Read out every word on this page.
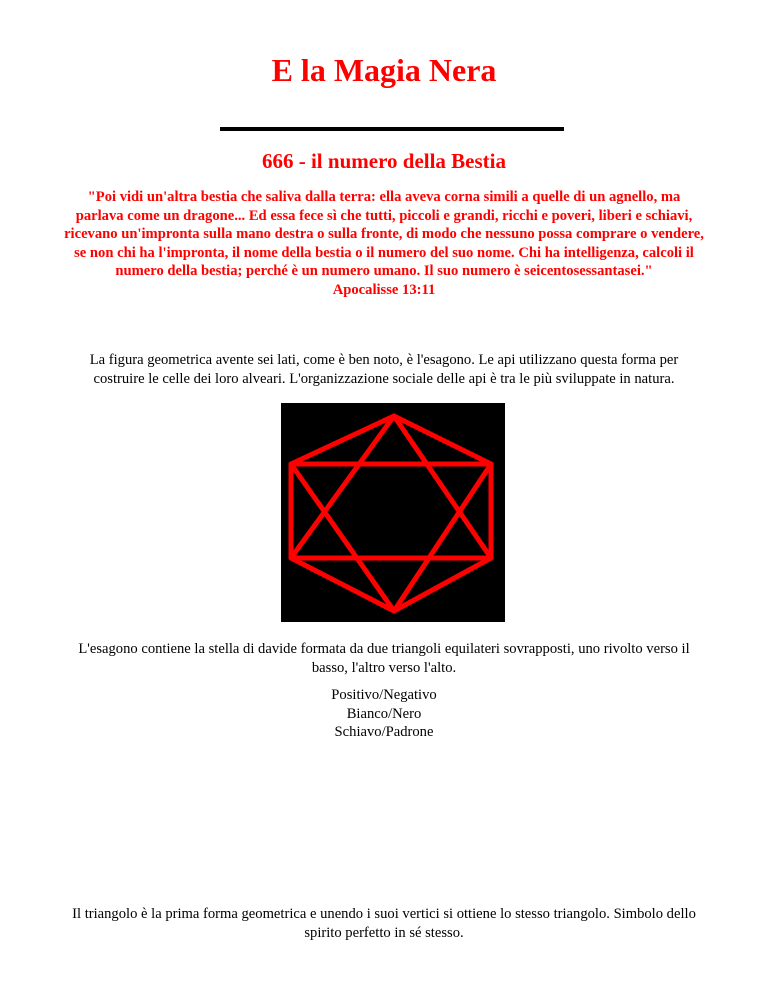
E la Magia Nera
666 - il numero della Bestia

"Poi vidi un'altra bestia che saliva dalla terra: ella aveva corna simili a quelle di un agnello, ma parlava come un dragone... Ed essa fece sì che tutti, piccoli e grandi, ricchi e poveri, liberi e schiavi, ricevano un'impronta sulla mano destra o sulla fronte, di modo che nessuno possa comprare o vendere, se non chi ha l'impronta, il nome della bestia o il numero del suo nome. Chi ha intelligenza, calcoli il numero della bestia; perché è un numero umano. Il suo numero è seicentosessantasei."
Apocalisse 13:11

La figura geometrica avente sei lati, come è ben noto, è l'esagono. Le api utilizzano questa forma per costruire le celle dei loro alveari. L'organizzazione sociale delle api è tra le più sviluppate in natura.

L'esagono contiene la stella di davide formata da due triangoli equilateri sovrapposti, uno rivolto verso il basso, l'altro verso l'alto.

Positivo/Negativo
Bianco/Nero
Schiavo/Padrone

Il triangolo è la prima forma geometrica e unendo i suoi vertici si ottiene lo stesso triangolo. Simbolo dello spirito perfetto in sé stesso.
